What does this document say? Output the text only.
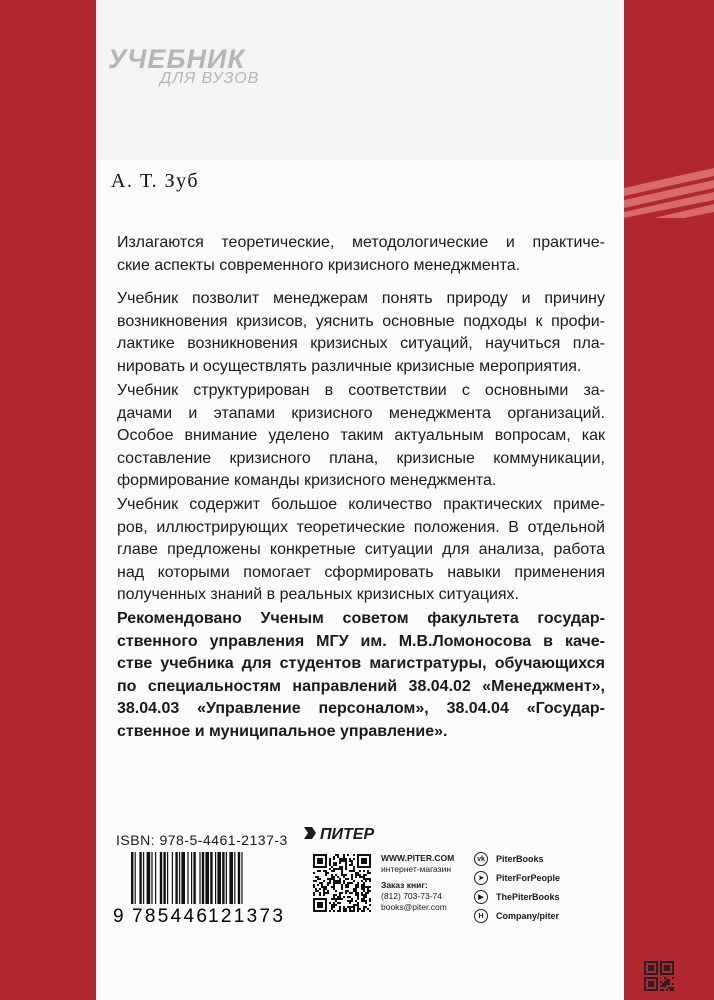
УЧЕБНИК
ДЛЯ ВУЗОВ
А. Т. Зуб
Излагаются теоретические, методологические и практиче-
ские аспекты современного кризисного менеджмента.
Учебник позволит менеджерам понять природу и причину
возникновения кризисов, уяснить основные подходы к профи-
лактике возникновения кризисных ситуаций, научиться пла-
нировать и осуществлять различные кризисные мероприятия.
Учебник структурирован в соответствии с основными за-
дачами и этапами кризисного менеджмента организаций.
Особое внимание уделено таким актуальным вопросам, как
составление кризисного плана, кризисные коммуникации,
формирование команды кризисного менеджмента.
Учебник содержит большое количество практических приме-
ров, иллюстрирующих теоретические положения. В отдельной
главе предложены конкретные ситуации для анализа, работа
над которыми помогает сформировать навыки применения
полученных знаний в реальных кризисных ситуациях.
Рекомендовано Ученым советом факультета государ-
ственного управления МГУ им. М.В.Ломоносова в каче-
стве учебника для студентов магистратуры, обучающихся
по специальностям направлений 38.04.02 «Менеджмент»,
38.04.03 «Управление персоналом», 38.04.04 «Государ-
ственное и муниципальное управление».
ISBN: 978-5-4461-2137-3
9 785446
121373
ПИТЕР
WWW.PITER.COM
интернет-магазин
Заказ книг:
(812) 703-73-74
books@piter.com
vk	PiterBooks
➤	PiterForPeople
▶	ThePiterBooks
H	Company/piter
